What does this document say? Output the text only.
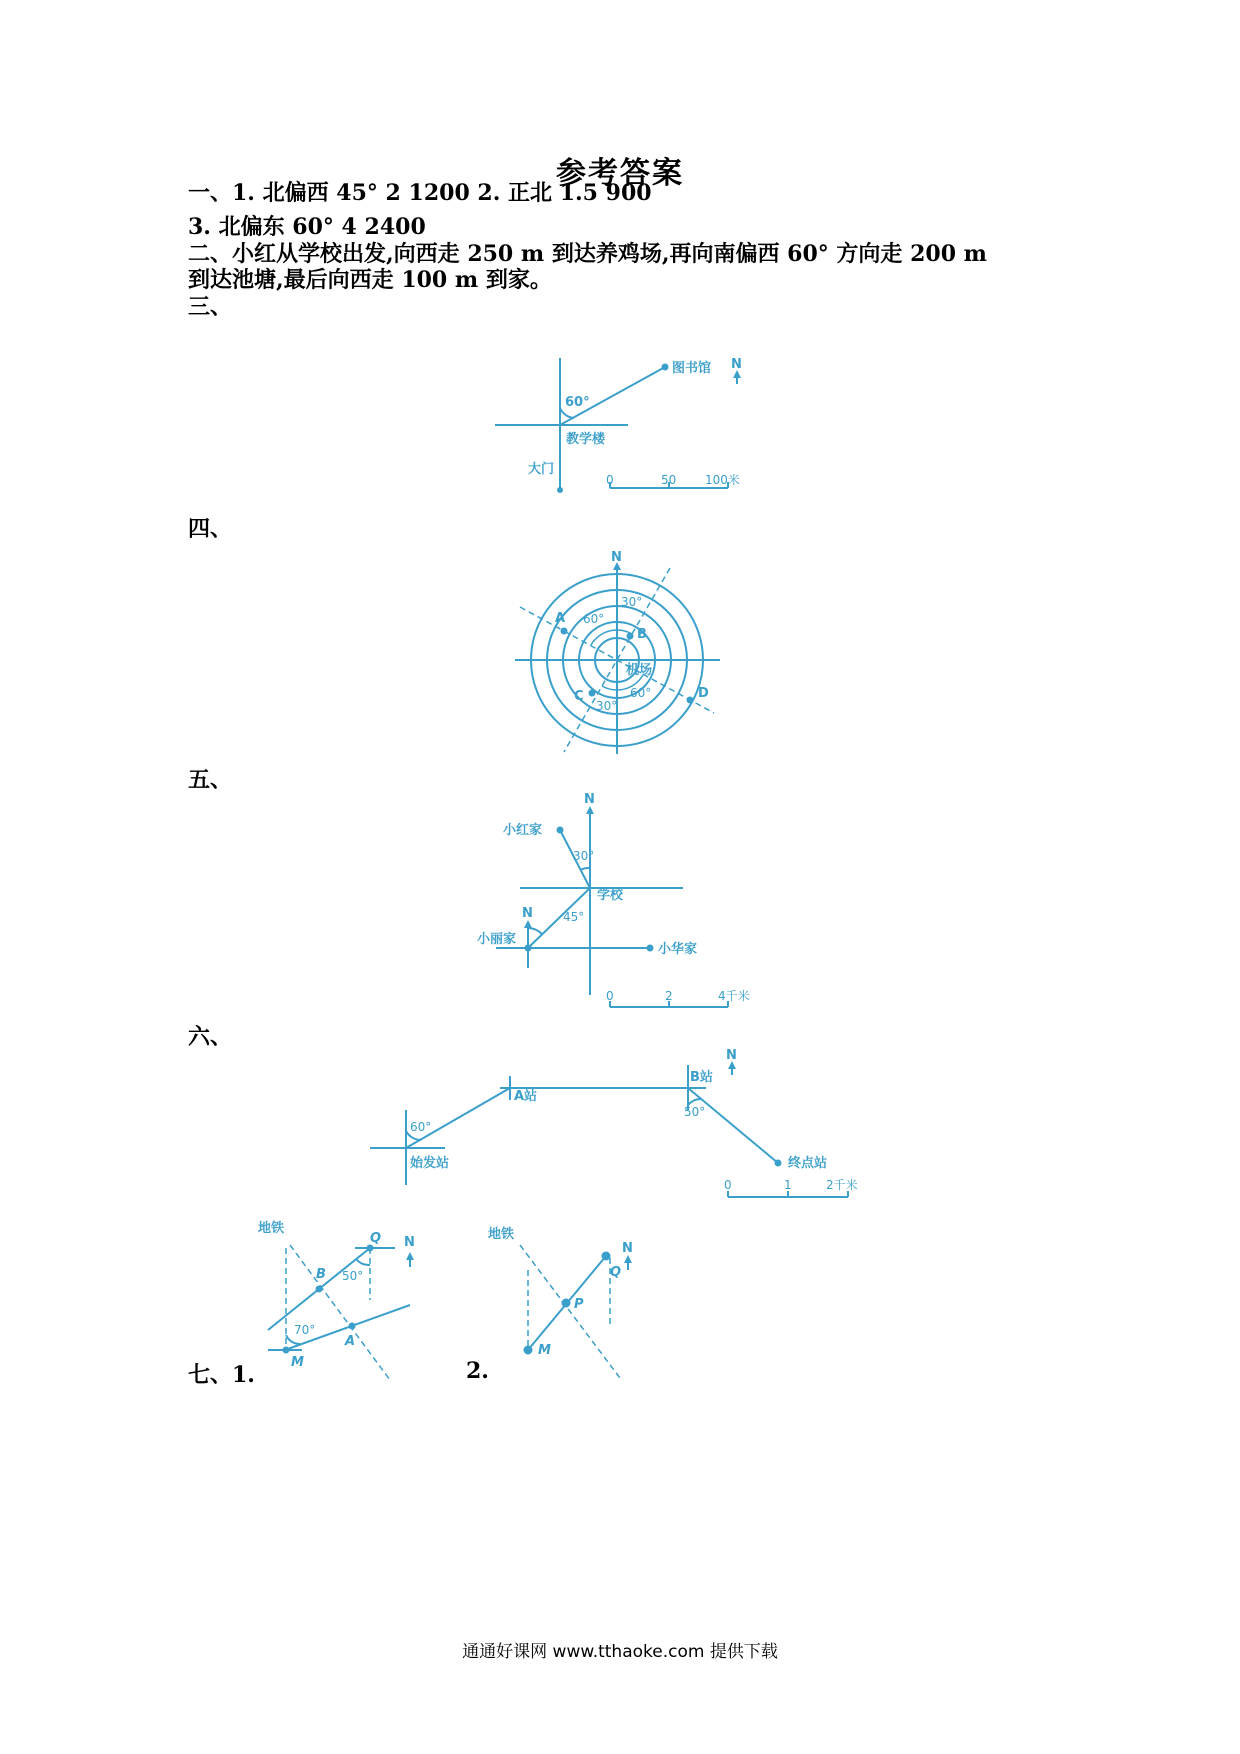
参考答案
一、1. 北偏西 45° 2 1200 2. 正北 1.5 900
3. 北偏东 60° 4 2400
二、小红从学校出发,向西走 250 m 到达养鸡场,再向南偏西 60° 方向走 200 m
到达池塘,最后向西走 100 m 到家。
三、
N
图书馆
60°
教学楼
大门
0	50 100米
四、
N
A
B
C	D
60°
30°
30°
60°
机场
五、
N
N
小红家
30°
学校
45°
小丽家
小华家
0	2	4千米
六、
N
60°
始发站
A站
B站
50°
终点站
0	1	2千米
地铁
N
Q
B 50°
70°
A
M
地铁
N
Q
P
M
七、1.	2.
通通好课网 www.tthaoke.com 提供下载
